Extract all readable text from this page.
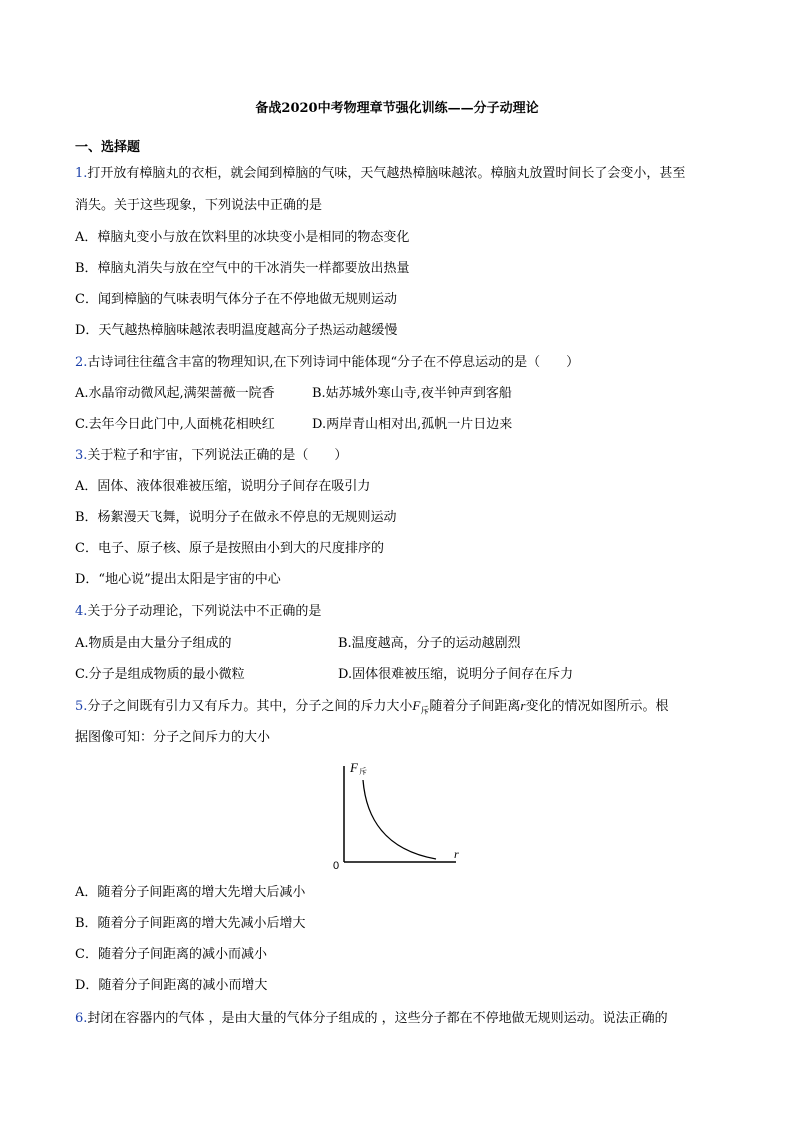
备战2020中考物理章节强化训练——分子动理论
一、选择题
1.打开放有樟脑丸的衣柜，就会闻到樟脑的气味，天气越热樟脑味越浓。樟脑丸放置时间长了会变小，甚至
消失。关于这些现象，下列说法中正确的是
A．樟脑丸变小与放在饮料里的冰块变小是相同的物态变化
B．樟脑丸消失与放在空气中的干冰消失一样都要放出热量
C．闻到樟脑的气味表明气体分子在不停地做无规则运动
D．天气越热樟脑味越浓表明温度越高分子热运动越缓慢
2.古诗词往往蕴含丰富的物理知识,在下列诗词中能体现“分子在不停息运动的是（　　）
A.水晶帘动微风起,满架蔷薇一院香	B.姑苏城外寒山寺,夜半钟声到客船
C.去年今日此门中,人面桃花相映红	D.两岸青山相对出,孤帆一片日边来
3.关于粒子和宇宙，下列说法正确的是（　　）
A．固体、液体很难被压缩，说明分子间存在吸引力
B．杨絮漫天飞舞，说明分子在做永不停息的无规则运动
C．电子、原子核、原子是按照由小到大的尺度排序的
D．“地心说”提出太阳是宇宙的中心
4.关于分子动理论，下列说法中不正确的是
A.物质是由大量分子组成的	B.温度越高，分子的运动越剧烈
C.分子是组成物质的最小微粒	D.固体很难被压缩，说明分子间存在斥力
5.分子之间既有引力又有斥力。其中，分子之间的斥力大小$F_斥$随着分子间距离r变化的情况如图所示。根
据图像可知：分子之间斥力的大小
F 斥
r
0
A．随着分子间距离的增大先增大后减小
B．随着分子间距离的增大先减小后增大
C．随着分子间距离的减小而减小
D．随着分子间距离的减小而增大
6.封闭在容器内的气体 ，是由大量的气体分子组成的 ，这些分子都在不停地做无规则运动。说法正确的
